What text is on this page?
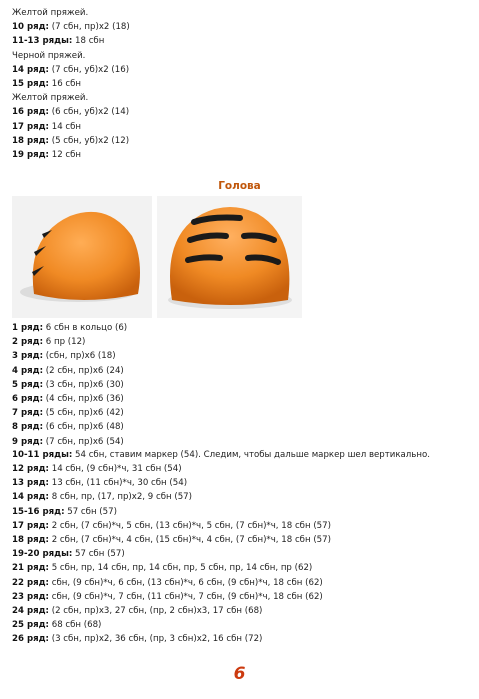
Желтой пряжей.
10 ряд: (7 сбн, пр)х2 (18)
11-13 ряды: 18 сбн
Черной пряжей.
14 ряд: (7 сбн, уб)х2 (16)
15 ряд: 16 сбн
Желтой пряжей.
16 ряд: (6 сбн, уб)х2 (14)
17 ряд: 14 сбн
18 ряд: (5 сбн, уб)х2 (12)
19 ряд: 12 сбн
Голова
1 ряд: 6 сбн в кольцо (6)
2 ряд: 6 пр (12)
3 ряд: (сбн, пр)х6 (18)
4 ряд: (2 сбн, пр)х6 (24)
5 ряд: (3 сбн, пр)х6 (30)
6 ряд: (4 сбн, пр)х6 (36)
7 ряд: (5 сбн, пр)х6 (42)
8 ряд: (6 сбн, пр)х6 (48)
9 ряд: (7 сбн, пр)х6 (54)
10-11 ряды: 54 сбн, ставим маркер (54). Следим, чтобы дальше маркер шел вертикально.
12 ряд: 14 сбн, (9 сбн)*ч, 31 сбн (54)
13 ряд: 13 сбн, (11 сбн)*ч, 30 сбн (54)
14 ряд: 8 сбн, пр, (17, пр)х2, 9 сбн (57)
15-16 ряд: 57 сбн (57)
17 ряд: 2 сбн, (7 сбн)*ч, 5 сбн, (13 сбн)*ч, 5 сбн, (7 сбн)*ч, 18 сбн (57)
18 ряд: 2 сбн, (7 сбн)*ч, 4 сбн, (15 сбн)*ч, 4 сбн, (7 сбн)*ч, 18 сбн (57)
19-20 ряды: 57 сбн (57)
21 ряд: 5 сбн, пр, 14 сбн, пр, 14 сбн, пр, 5 сбн, пр, 14 сбн, пр (62)
22 ряд: сбн, (9 сбн)*ч, 6 сбн, (13 сбн)*ч, 6 сбн, (9 сбн)*ч, 18 сбн (62)
23 ряд: сбн, (9 сбн)*ч, 7 сбн, (11 сбн)*ч, 7 сбн, (9 сбн)*ч, 18 сбн (62)
24 ряд: (2 сбн, пр)х3, 27 сбн, (пр, 2 сбн)х3, 17 сбн (68)
25 ряд: 68 сбн (68)
26 ряд: (3 сбн, пр)х2, 36 сбн, (пр, 3 сбн)х2, 16 сбн (72)
6
